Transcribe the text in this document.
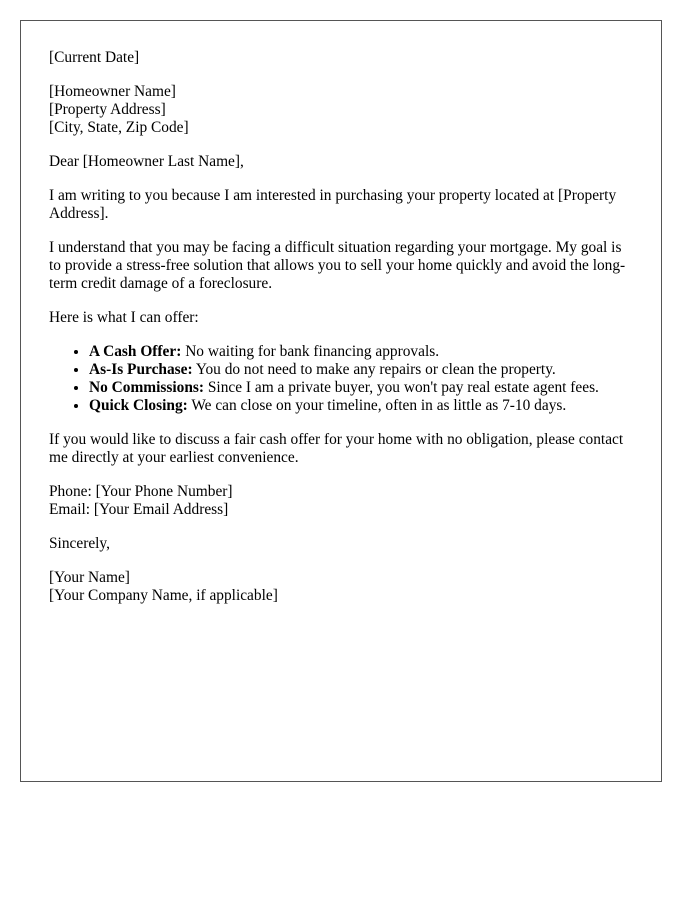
[Current Date]

[Homeowner Name]
[Property Address]
[City, State, Zip Code]

Dear [Homeowner Last Name],

I am writing to you because I am interested in purchasing your property located at [Property Address].

I understand that you may be facing a difficult situation regarding your mortgage. My goal is to provide a stress-free solution that allows you to sell your home quickly and avoid the long-term credit damage of a foreclosure.

Here is what I can offer:

• A Cash Offer: No waiting for bank financing approvals.
• As-Is Purchase: You do not need to make any repairs or clean the property.
• No Commissions: Since I am a private buyer, you won't pay real estate agent fees.
• Quick Closing: We can close on your timeline, often in as little as 7-10 days.

If you would like to discuss a fair cash offer for your home with no obligation, please contact me directly at your earliest convenience.

Phone: [Your Phone Number]
Email: [Your Email Address]

Sincerely,

[Your Name]
[Your Company Name, if applicable]
